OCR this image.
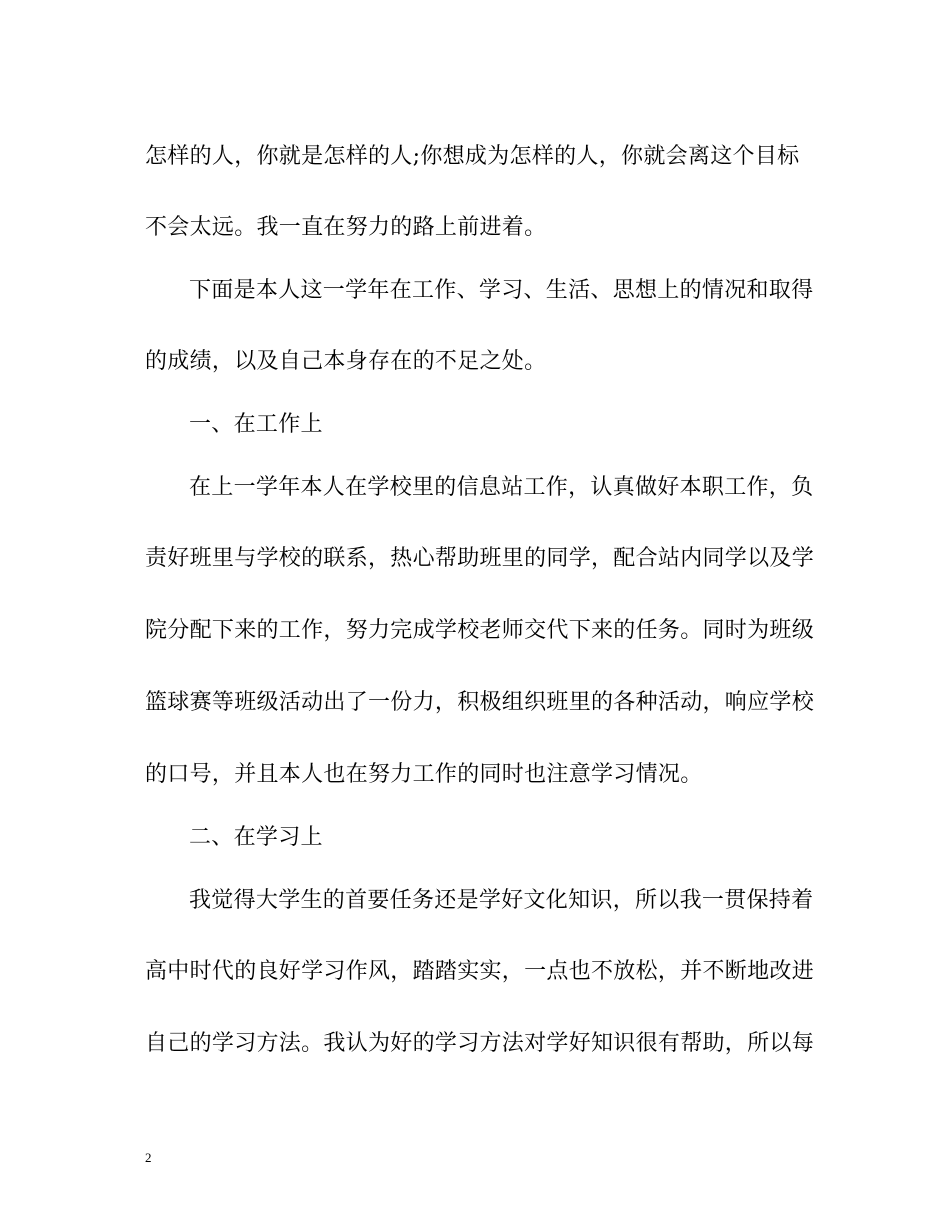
怎样的人，你就是怎样的人;你想成为怎样的人，你就会离这个目标
不会太远。我一直在努力的路上前进着。
下面是本人这一学年在工作、学习、生活、思想上的情况和取得
的成绩，以及自己本身存在的不足之处。
一、在工作上
在上一学年本人在学校里的信息站工作，认真做好本职工作，负
责好班里与学校的联系，热心帮助班里的同学，配合站内同学以及学
院分配下来的工作，努力完成学校老师交代下来的任务。同时为班级
篮球赛等班级活动出了一份力，积极组织班里的各种活动，响应学校
的口号，并且本人也在努力工作的同时也注意学习情况。
二、在学习上
我觉得大学生的首要任务还是学好文化知识，所以我一贯保持着
高中时代的良好学习作风，踏踏实实，一点也不放松，并不断地改进
自己的学习方法。我认为好的学习方法对学好知识很有帮助，所以每
2
